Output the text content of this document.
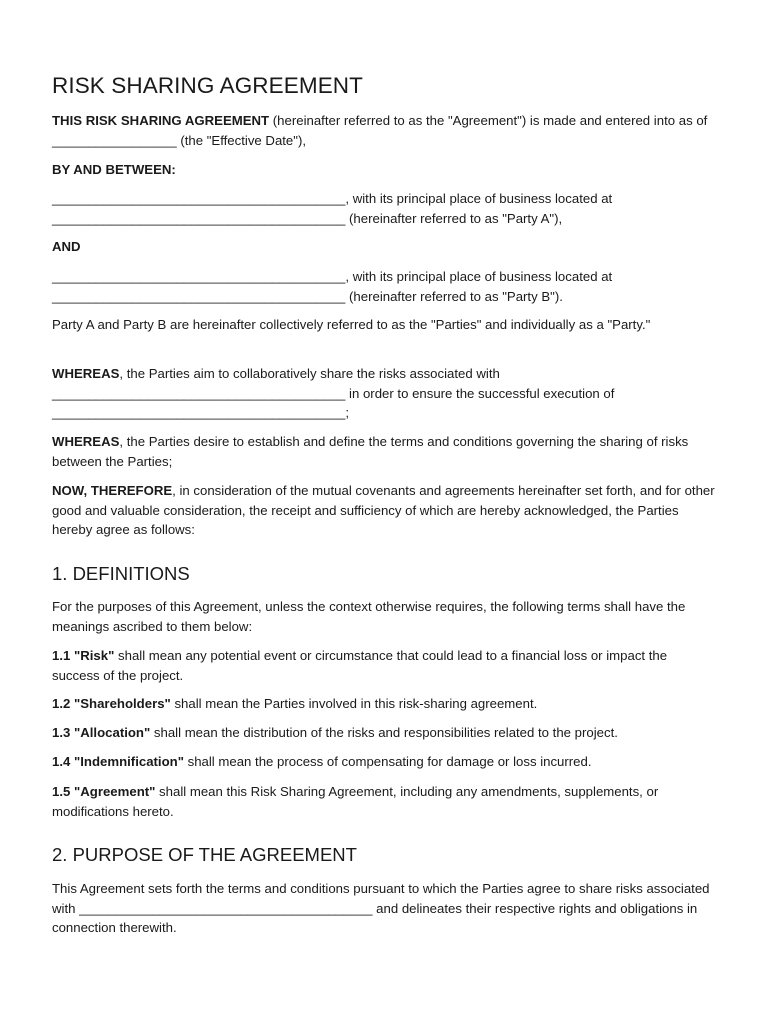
RISK SHARING AGREEMENT

THIS RISK SHARING AGREEMENT (hereinafter referred to as the "Agreement") is made and entered into as of _________________ (the "Effective Date"),

BY AND BETWEEN:

________________________________________, with its principal place of business located at ________________________________________ (hereinafter referred to as "Party A"),

AND

________________________________________, with its principal place of business located at ________________________________________ (hereinafter referred to as "Party B").

Party A and Party B are hereinafter collectively referred to as the "Parties" and individually as a "Party."

WHEREAS, the Parties aim to collaboratively share the risks associated with ________________________________________ in order to ensure the successful execution of ________________________________________;

WHEREAS, the Parties desire to establish and define the terms and conditions governing the sharing of risks between the Parties;

NOW, THEREFORE, in consideration of the mutual covenants and agreements hereinafter set forth, and for other good and valuable consideration, the receipt and sufficiency of which are hereby acknowledged, the Parties hereby agree as follows:

1. DEFINITIONS

For the purposes of this Agreement, unless the context otherwise requires, the following terms shall have the meanings ascribed to them below:

1.1 "Risk" shall mean any potential event or circumstance that could lead to a financial loss or impact the success of the project.

1.2 "Shareholders" shall mean the Parties involved in this risk-sharing agreement.

1.3 "Allocation" shall mean the distribution of the risks and responsibilities related to the project.

1.4 "Indemnification" shall mean the process of compensating for damage or loss incurred.

1.5 "Agreement" shall mean this Risk Sharing Agreement, including any amendments, supplements, or modifications hereto.

2. PURPOSE OF THE AGREEMENT

This Agreement sets forth the terms and conditions pursuant to which the Parties agree to share risks associated with ________________________________________ and delineates their respective rights and obligations in connection therewith.
